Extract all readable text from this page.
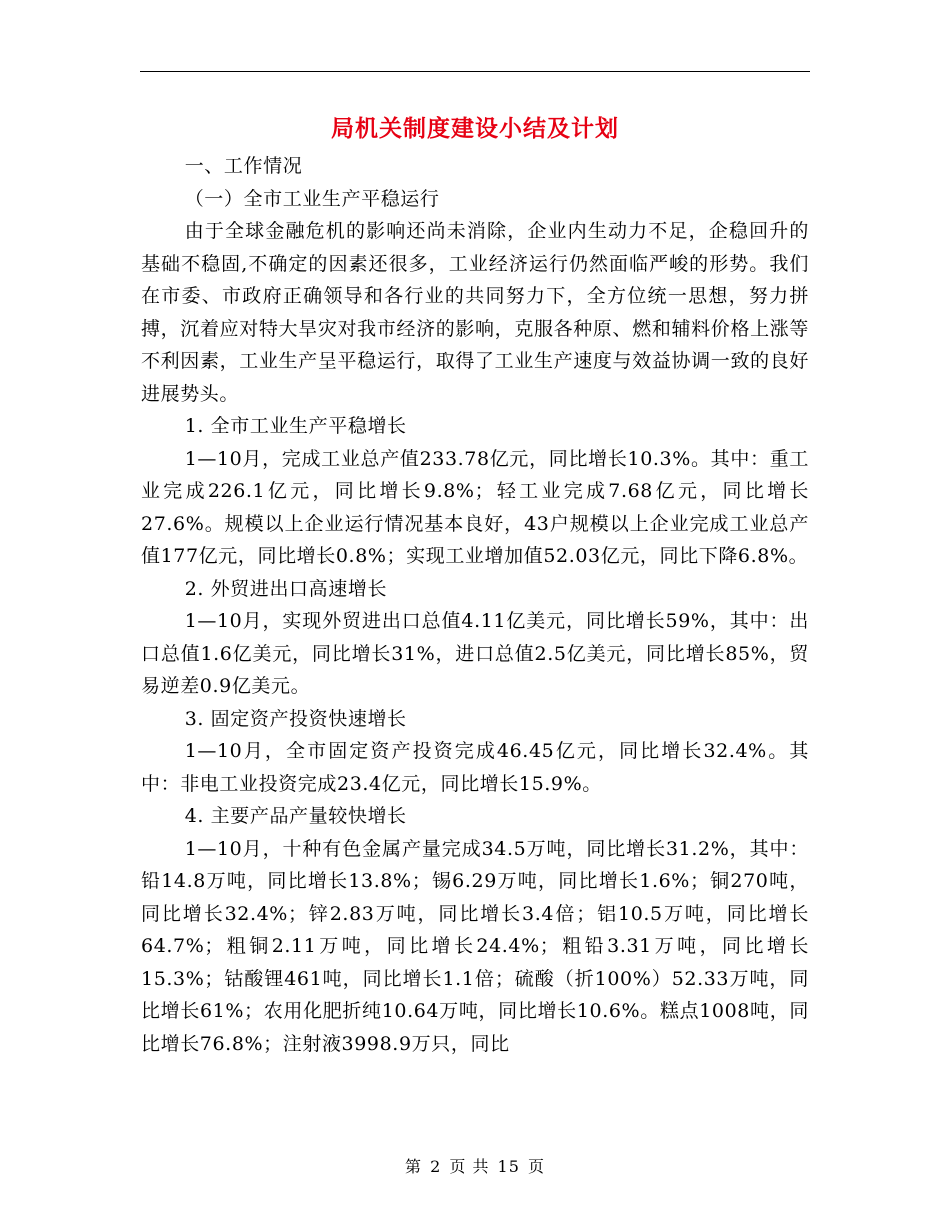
局机关制度建设小结及计划

一、工作情况

（一）全市工业生产平稳运行

由于全球金融危机的影响还尚未消除，企业内生动力不足，企稳回升的基础不稳固,不确定的因素还很多，工业经济运行仍然面临严峻的形势。我们在市委、市政府正确领导和各行业的共同努力下，全方位统一思想，努力拼搏，沉着应对特大旱灾对我市经济的影响，克服各种原、燃和辅料价格上涨等不利因素，工业生产呈平稳运行，取得了工业生产速度与效益协调一致的良好进展势头。

1. 全市工业生产平稳增长

1—10月，完成工业总产值233.78亿元，同比增长10.3%。其中：重工业完成226.1亿元，同比增长9.8%；轻工业完成7.68亿元，同比增长27.6%。规模以上企业运行情况基本良好，43户规模以上企业完成工业总产值177亿元，同比增长0.8%；实现工业增加值52.03亿元，同比下降6.8%。

2. 外贸进出口高速增长

1—10月，实现外贸进出口总值4.11亿美元，同比增长59%，其中：出口总值1.6亿美元，同比增长31%，进口总值2.5亿美元，同比增长85%，贸易逆差0.9亿美元。

3. 固定资产投资快速增长

1—10月，全市固定资产投资完成46.45亿元，同比增长32.4%。其中：非电工业投资完成23.4亿元，同比增长15.9%。

4. 主要产品产量较快增长

1—10月，十种有色金属产量完成34.5万吨，同比增长31.2%，其中：铅14.8万吨，同比增长13.8%；锡6.29万吨，同比增长1.6%；铜270吨，同比增长32.4%；锌2.83万吨，同比增长3.4倍；铝10.5万吨，同比增长64.7%；粗铜2.11万吨，同比增长24.4%；粗铅3.31万吨，同比增长15.3%；钴酸锂461吨，同比增长1.1倍；硫酸（折100%）52.33万吨，同比增长61%；农用化肥折纯10.64万吨，同比增长10.6%。糕点1008吨，同比增长76.8%；注射液3998.9万只，同比

第 2 页 共 15 页
